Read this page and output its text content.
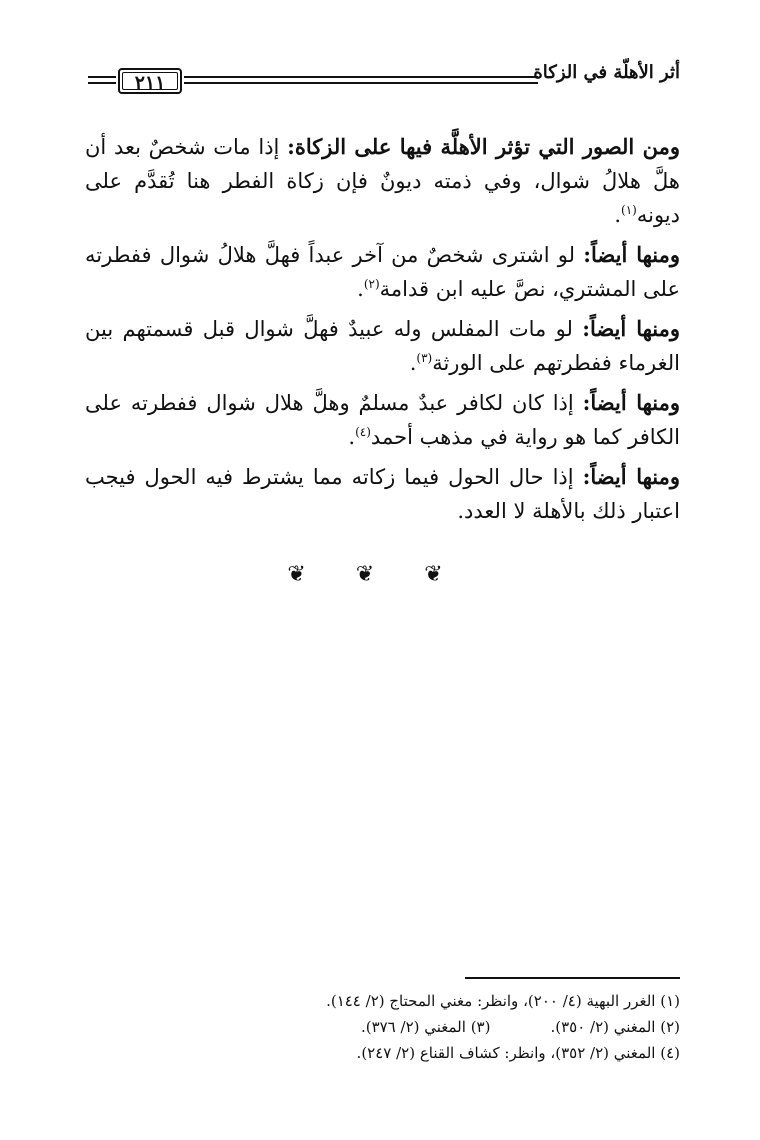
٢١١	أثر الأهلّة في الزكاة

ومن الصور التي تؤثر الأهلَّة فيها على الزكاة: إذا مات شخصٌ بعد أن هلَّ هلالُ شوال، وفي ذمته ديونٌ فإن زكاة الفطر هنا تُقدَّم على ديونه$^{(١)}$.

ومنها أيضاً: لو اشترى شخصٌ من آخر عبداً فهلَّ هلالُ شوال ففطرته على المشتري، نصَّ عليه ابن قدامة$^{(٢)}$.

ومنها أيضاً: لو مات المفلس وله عبيدٌ فهلَّ شوال قبل قسمتهم بين الغرماء ففطرتهم على الورثة$^{(٣)}$.

ومنها أيضاً: إذا كان لكافر عبدٌ مسلمٌ وهلَّ هلال شوال ففطرته على الكافر كما هو رواية في مذهب أحمد$^{(٤)}$.

ومنها أيضاً: إذا حال الحول فيما زكاته مما يشترط فيه الحول فيجب اعتبار ذلك بالأهلة لا العدد.

❦ ❦ ❦
(١) الغرر البهية (٤/ ٢٠٠)، وانظر: مغني المحتاج (٢/ ١٤٤).
(٢) المغني (٢/ ٣٥٠).
(٣) المغني (٢/ ٣٧٦).
(٤) المغني (٢/ ٣٥٢)، وانظر: كشاف القناع (٢/ ٢٤٧).
